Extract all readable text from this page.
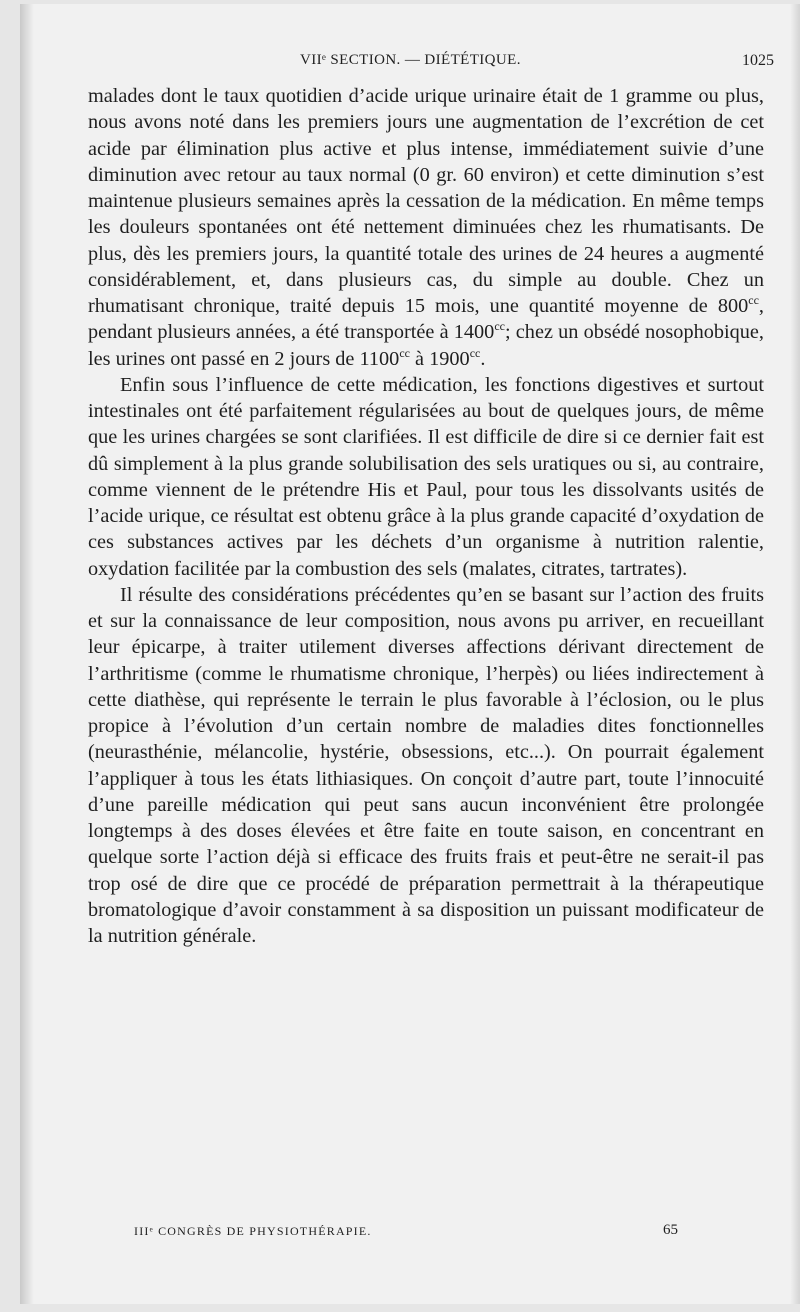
VIIᵉ SECTION. — DIÉTÉTIQUE.	1025

malades dont le taux quotidien d’acide urique urinaire était de 1 gramme ou plus, nous avons noté dans les premiers jours une augmentation de l’excrétion de cet acide par élimination plus active et plus intense, immédiatement suivie d’une diminution avec retour au taux normal (0 gr. 60 environ) et cette diminution s’est maintenue plusieurs semaines après la cessation de la médication. En même temps les douleurs spontanées ont été nettement diminuées chez les rhumatisants. De plus, dès les premiers jours, la quantité totale des urines de 24 heures a augmenté considérablement, et, dans plusieurs cas, du simple au double. Chez un rhumatisant chronique, traité depuis 15 mois, une quantité moyenne de $800^{cc}$, pendant plusieurs années, a été transportée à $1400^{cc}$; chez un obsédé nosophobique, les urines ont passé en 2 jours de $1100^{cc}$ à $1900^{cc}$.

Enfin sous l’influence de cette médication, les fonctions digestives et surtout intestinales ont été parfaitement régularisées au bout de quelques jours, de même que les urines chargées se sont clarifiées. Il est difficile de dire si ce dernier fait est dû simplement à la plus grande solubilisation des sels uratiques ou si, au contraire, comme viennent de le prétendre His et Paul, pour tous les dissolvants usités de l’acide urique, ce résultat est obtenu grâce à la plus grande capacité d’oxydation de ces substances actives par les déchets d’un organisme à nutrition ralentie, oxydation facilitée par la combustion des sels (malates, citrates, tartrates).

Il résulte des considérations précédentes qu’en se basant sur l’action des fruits et sur la connaissance de leur composition, nous avons pu arriver, en recueillant leur épicarpe, à traiter utilement diverses affections dérivant directement de l’arthritisme (comme le rhumatisme chronique, l’herpès) ou liées indirectement à cette diathèse, qui représente le terrain le plus favorable à l’éclosion, ou le plus propice à l’évolution d’un certain nombre de maladies dites fonctionnelles (neurasthénie, mélancolie, hystérie, obsessions, etc...). On pourrait également l’appliquer à tous les états lithiasiques. On conçoit d’autre part, toute l’innocuité d’une pareille médication qui peut sans aucun inconvénient être prolongée longtemps à des doses élevées et être faite en toute saison, en concentrant en quelque sorte l’action déjà si efficace des fruits frais et peut-être ne serait-il pas trop osé de dire que ce procédé de préparation permettrait à la thérapeutique bromatologique d’avoir constamment à sa disposition un puissant modificateur de la nutrition générale.

IIIᵉ CONGRÈS DE PHYSIOTHÉRAPIE.	65
